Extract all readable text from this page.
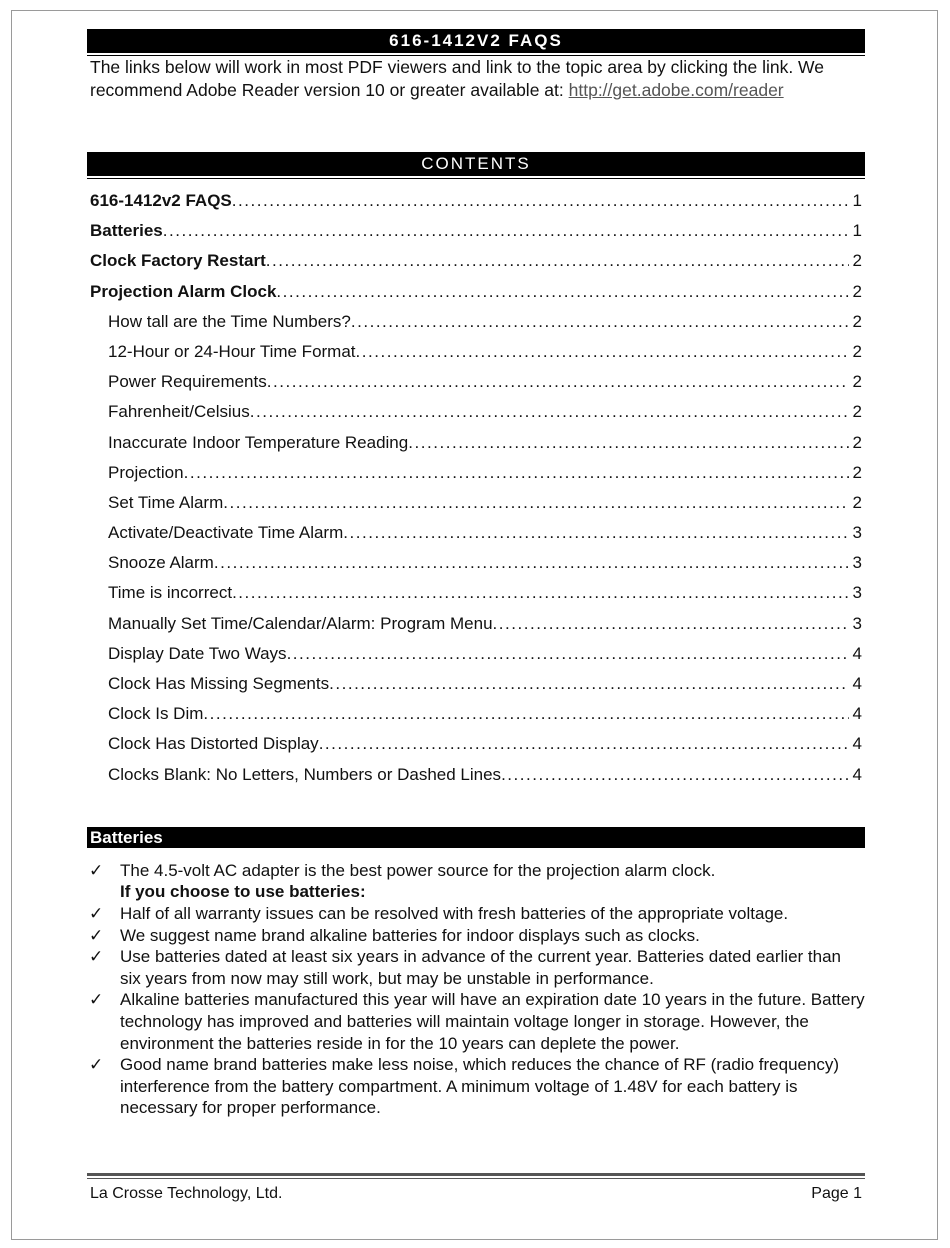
616-1412V2 FAQS

The links below will work in most PDF viewers and link to the topic area by clicking the link. We recommend Adobe Reader version 10 or greater available at: http://get.adobe.com/reader

CONTENTS
616-1412v2 FAQS . . .	1
Batteries . . .	1
Clock Factory Restart . . .	2
Projection Alarm Clock . . .	2
How tall are the Time Numbers? . . .	2
12-Hour or 24-Hour Time Format . . .	2
Power Requirements . . .	2
Fahrenheit/Celsius . . .	2
Inaccurate Indoor Temperature Reading . . .	2
Projection . . .	2
Set Time Alarm . . .	2
Activate/Deactivate Time Alarm . . .	3
Snooze Alarm . . .	3
Time is incorrect . . .	3
Manually Set Time/Calendar/Alarm: Program Menu . . .	3
Display Date Two Ways . . .	4
Clock Has Missing Segments . . .	4
Clock Is Dim . . .	4
Clock Has Distorted Display . . .	4
Clocks Blank: No Letters, Numbers or Dashed Lines . . .	4
Batteries
✓ The 4.5-volt AC adapter is the best power source for the projection alarm clock.
If you choose to use batteries:
✓ Half of all warranty issues can be resolved with fresh batteries of the appropriate voltage.
✓ We suggest name brand alkaline batteries for indoor displays such as clocks.
✓ Use batteries dated at least six years in advance of the current year. Batteries dated earlier than six years from now may still work, but may be unstable in performance.
✓ Alkaline batteries manufactured this year will have an expiration date 10 years in the future. Battery technology has improved and batteries will maintain voltage longer in storage. However, the environment the batteries reside in for the 10 years can deplete the power.
✓ Good name brand batteries make less noise, which reduces the chance of RF (radio frequency) interference from the battery compartment. A minimum voltage of 1.48V for each battery is necessary for proper performance.
La Crosse Technology, Ltd.	Page 1
